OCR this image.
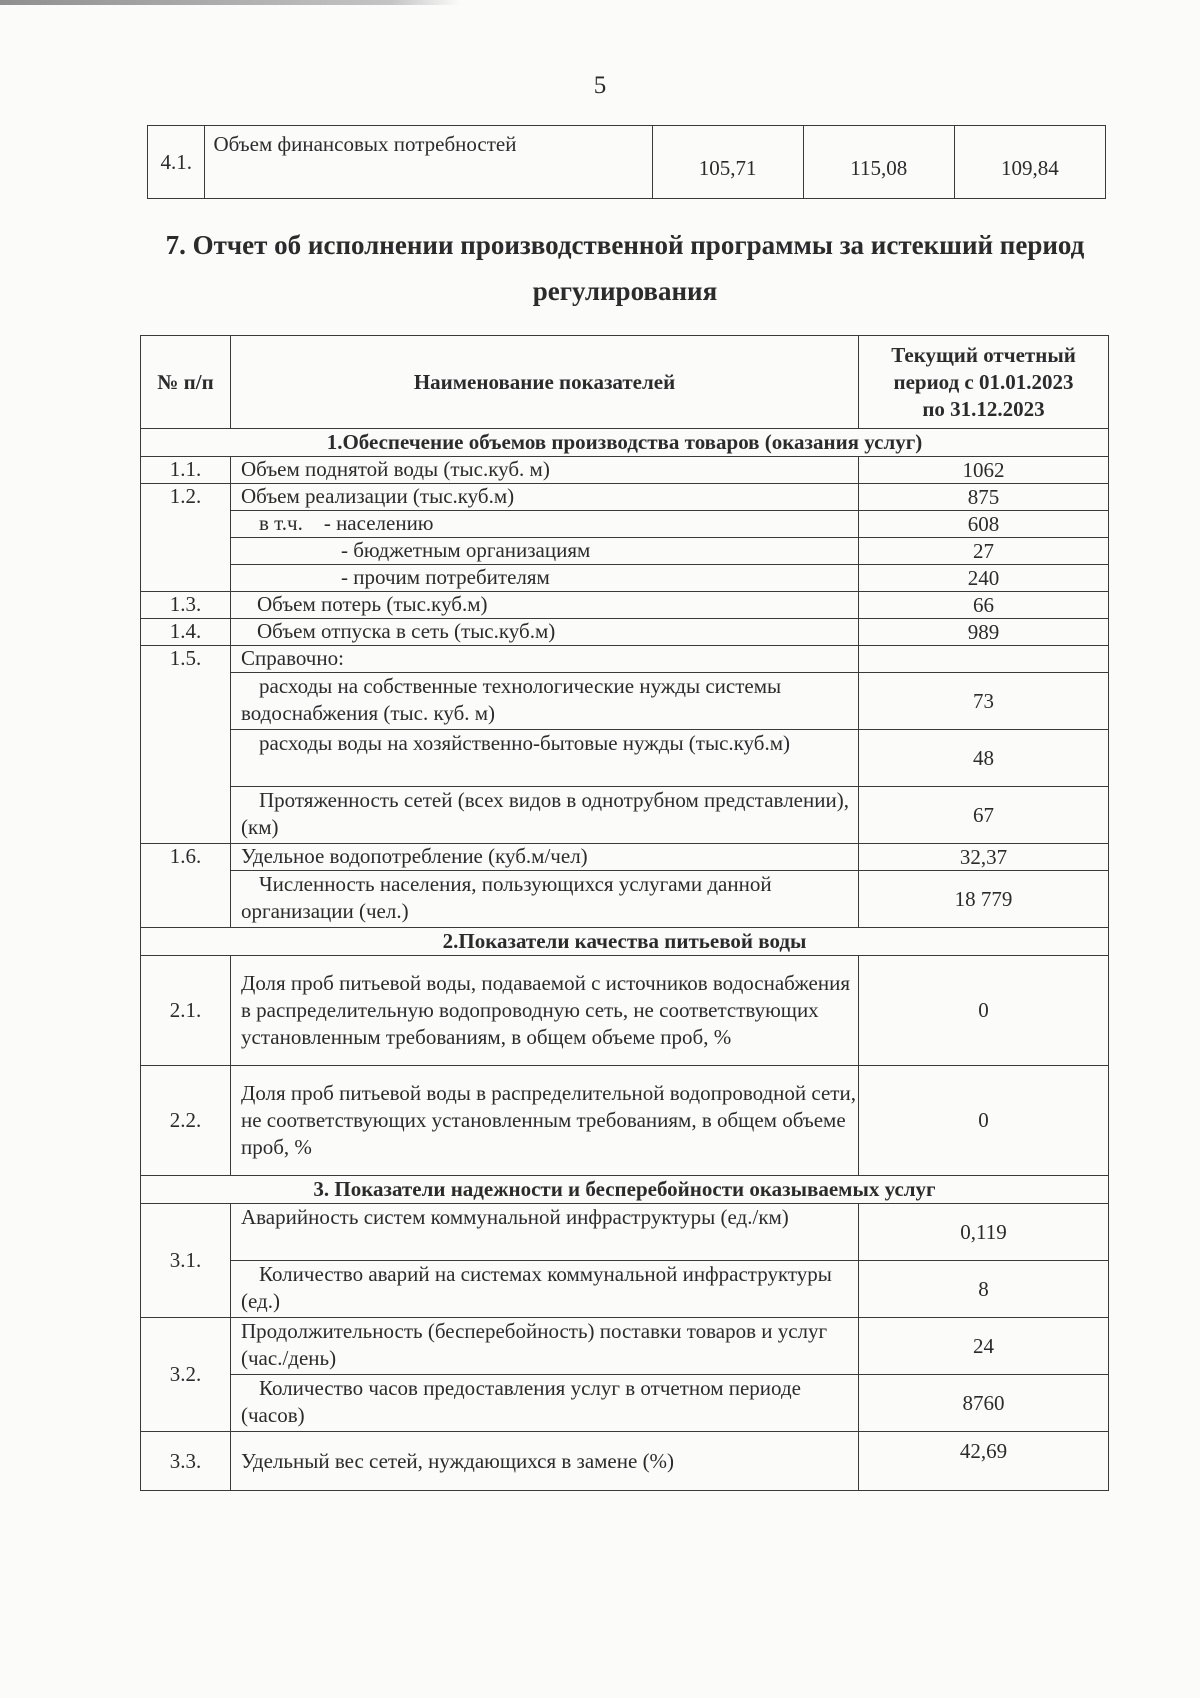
5
4.1.	Объем финансовых потребностей	105,71	115,08	109,84
7. Отчет об исполнении производственной программы за истекший период
регулирования
№ п/п	Наименование показателей	Текущий отчетный
период с 01.01.2023
по 31.12.2023

1.Обеспечение объемов производства товаров (оказания услуг)		
1.1.	Объем поднятой воды (тыс.куб. м)	1062
1.2.	Объем реализации (тыс.куб.м)	875
	в т.ч.    - населению	608
	- бюджетным организациям	27
	- прочим потребителям	240
1.3.	Объем потерь (тыс.куб.м)	66
1.4.	Объем отпуска в сеть (тыс.куб.м)	989
1.5.	Справочно:	
	расходы на собственные технологические нужды системы водоснабжения (тыс. куб. м)	73
	расходы воды на хозяйственно-бытовые нужды (тыс.куб.м)	48
	Протяженность сетей (всех видов в однотрубном представлении), (км)	67
1.6.	Удельное водопотребление (куб.м/чел)	32,37
	Численность населения, пользующихся услугами данной организации (чел.)	18 779
2.Показатели качества питьевой воды		
2.1.	Доля проб питьевой воды, подаваемой с источников водоснабжения в распределительную водопроводную сеть, не соответствующих установленным требованиям, в общем объеме проб, %	0
2.2.	Доля проб питьевой воды в распределительной водопроводной сети, не соответствующих установленным требованиям, в общем объеме проб, %	0
3. Показатели надежности и бесперебойности оказываемых услуг		
3.1.	Аварийность систем коммунальной инфраструктуры (ед./км)	0,119
	Количество аварий на системах коммунальной инфраструктуры (ед.)	8
3.2.	Продолжительность (бесперебойность) поставки товаров и услуг (час./день)	24
	Количество часов предоставления услуг в отчетном периоде (часов)	8760
3.3.	Удельный вес сетей, нуждающихся в замене (%)	42,69
